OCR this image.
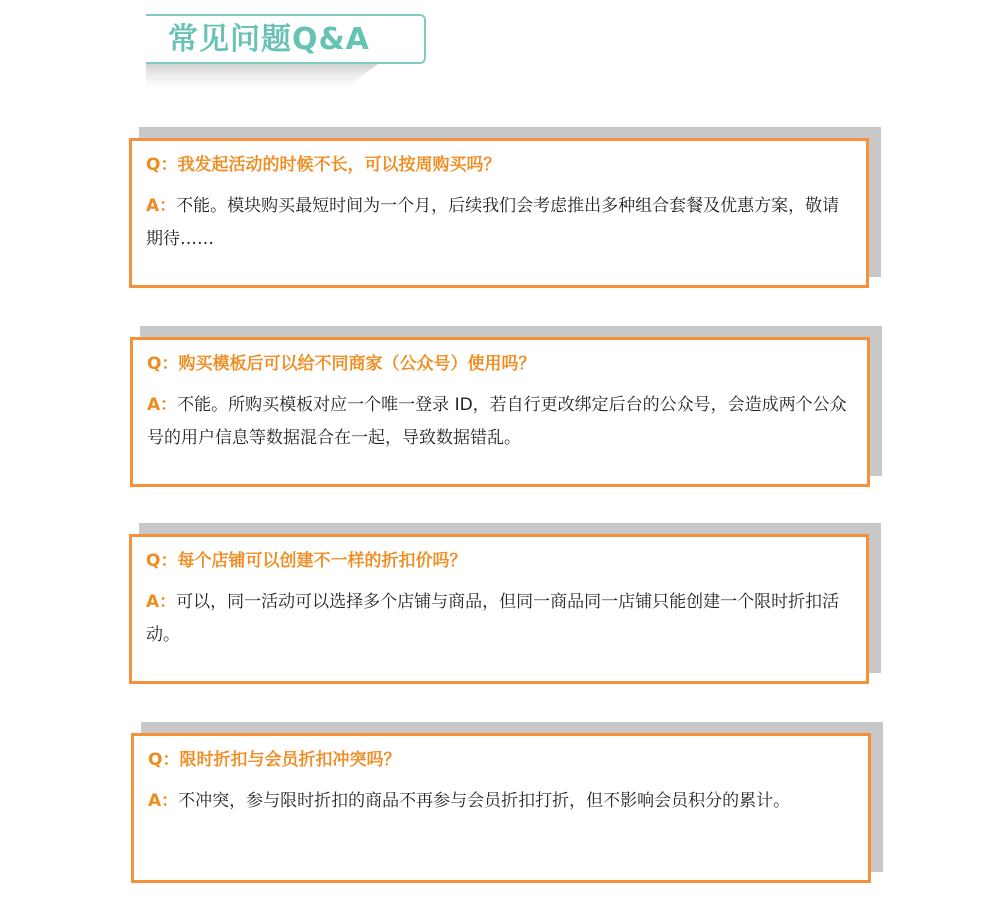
常见问题Q&A
Q：我发起活动的时候不长，可以按周购买吗？
A：不能。模块购买最短时间为一个月，后续我们会考虑推出多种组合套餐及优惠方案，敬请期待……
Q：购买模板后可以给不同商家（公众号）使用吗？
A：不能。所购买模板对应一个唯一登录 ID，若自行更改绑定后台的公众号，会造成两个公众号的用户信息等数据混合在一起，导致数据错乱。
Q：每个店铺可以创建不一样的折扣价吗？
A：可以，同一活动可以选择多个店铺与商品，但同一商品同一店铺只能创建一个限时折扣活动。
Q：限时折扣与会员折扣冲突吗？
A：不冲突，参与限时折扣的商品不再参与会员折扣打折，但不影响会员积分的累计。
